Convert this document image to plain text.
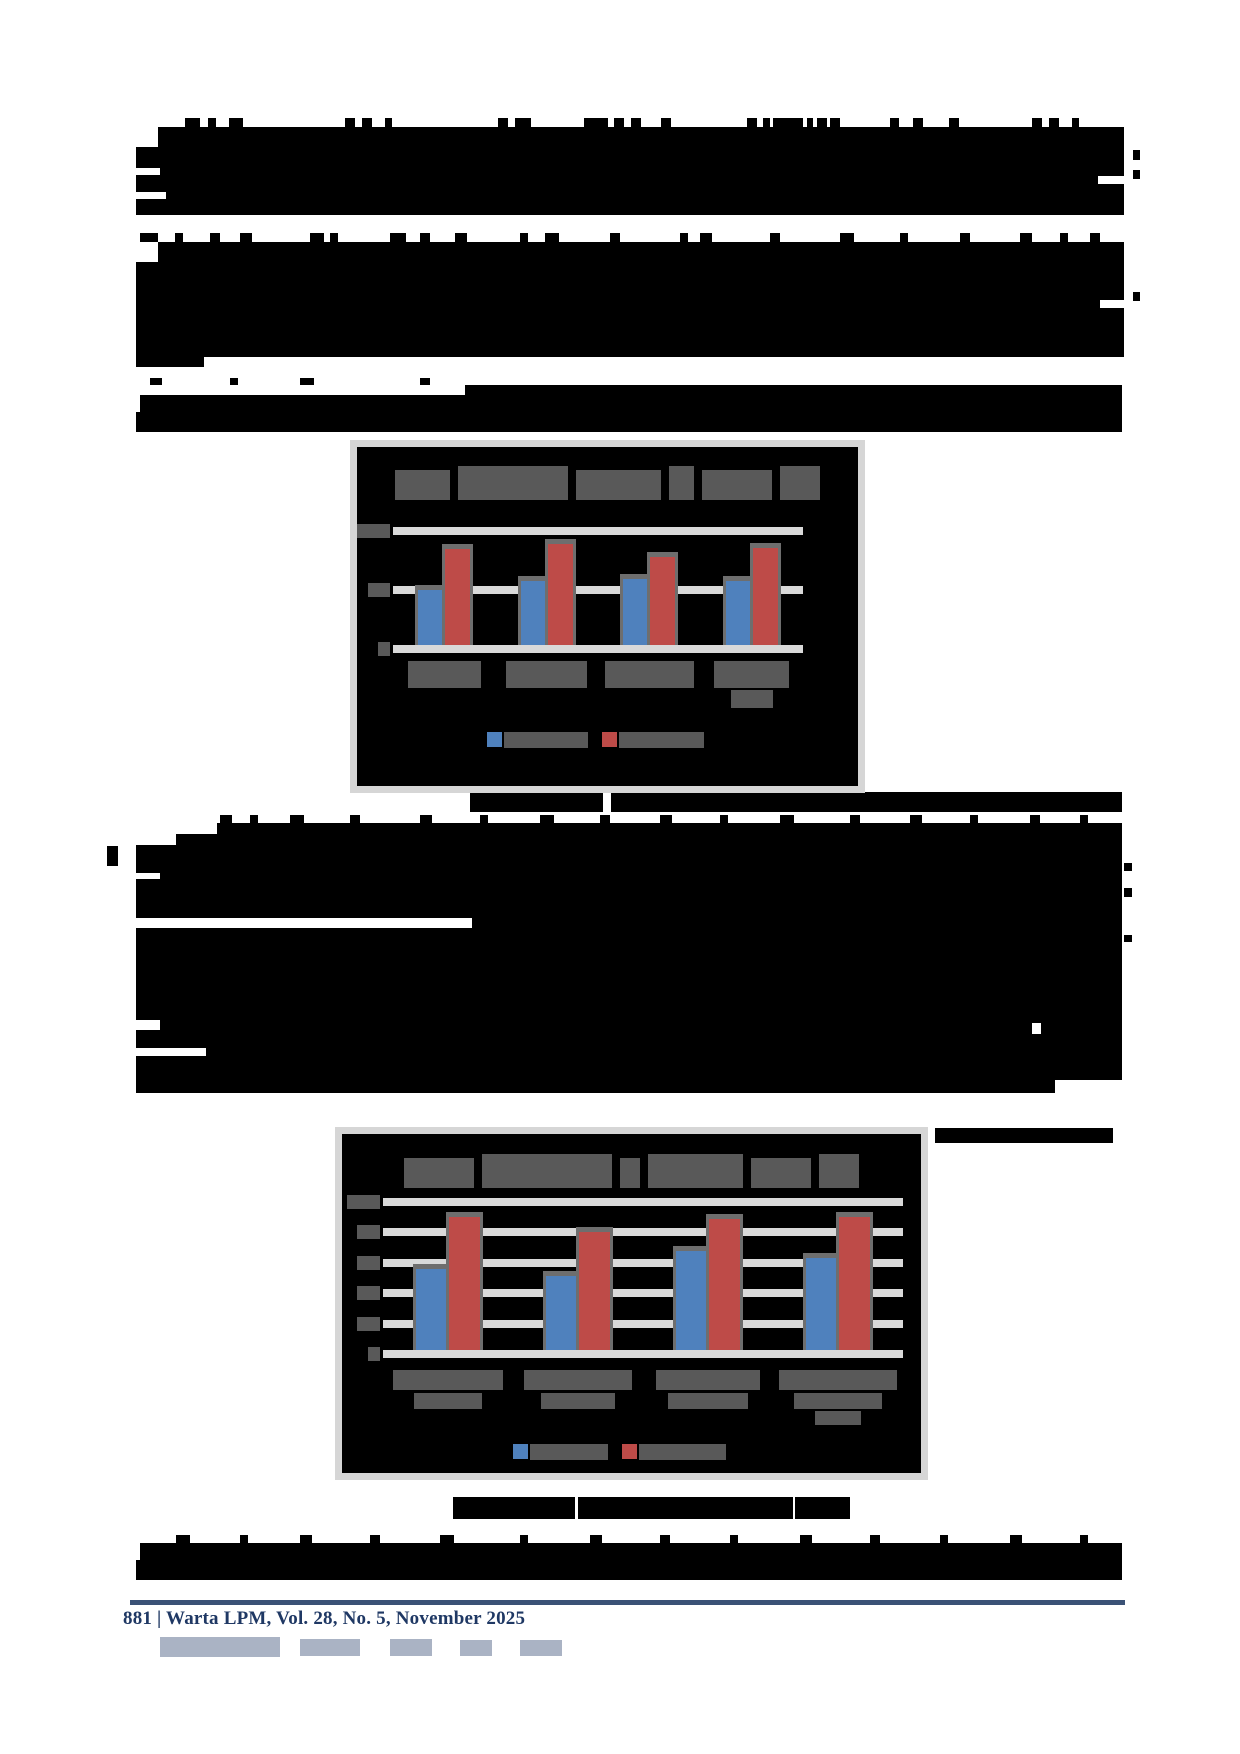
881 | Warta LPM, Vol. 28, No. 5, November 2025
